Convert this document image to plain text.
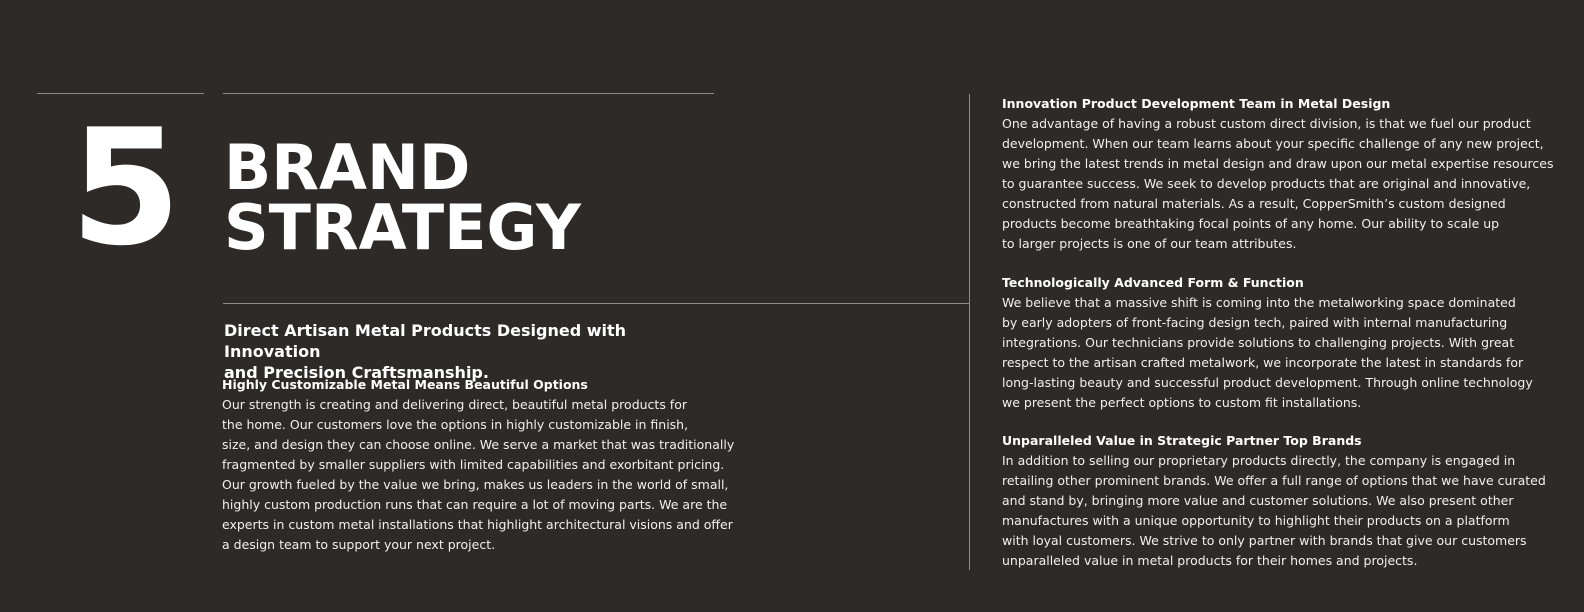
5 BRAND
STRATEGY
Direct Artisan Metal Products Designed with Innovation
and Precision Craftsmanship.
Highly Customizable Metal Means Beautiful Options

Our strength is creating and delivering direct, beautiful metal products for
the home. Our customers love the options in highly customizable in finish,
size, and design they can choose online. We serve a market that was traditionally
fragmented by smaller suppliers with limited capabilities and exorbitant pricing.
Our growth fueled by the value we bring, makes us leaders in the world of small,
highly custom production runs that can require a lot of moving parts. We are the
experts in custom metal installations that highlight architectural visions and offer
a design team to support your next project.

Innovation Product Development Team in Metal Design

One advantage of having a robust custom direct division, is that we fuel our product
development. When our team learns about your specific challenge of any new project,
we bring the latest trends in metal design and draw upon our metal expertise resources
to guarantee success. We seek to develop products that are original and innovative,
constructed from natural materials. As a result, CopperSmith’s custom designed
products become breathtaking focal points of any home. Our ability to scale up
to larger projects is one of our team attributes.

Technologically Advanced Form & Function

We believe that a massive shift is coming into the metalworking space dominated
by early adopters of front-facing design tech, paired with internal manufacturing
integrations. Our technicians provide solutions to challenging projects. With great
respect to the artisan crafted metalwork, we incorporate the latest in standards for
long-lasting beauty and successful product development. Through online technology
we present the perfect options to custom fit installations.

Unparalleled Value in Strategic Partner Top Brands

In addition to selling our proprietary products directly, the company is engaged in
retailing other prominent brands. We offer a full range of options that we have curated
and stand by, bringing more value and customer solutions. We also present other
manufactures with a unique opportunity to highlight their products on a platform
with loyal customers. We strive to only partner with brands that give our customers
unparalleled value in metal products for their homes and projects.
